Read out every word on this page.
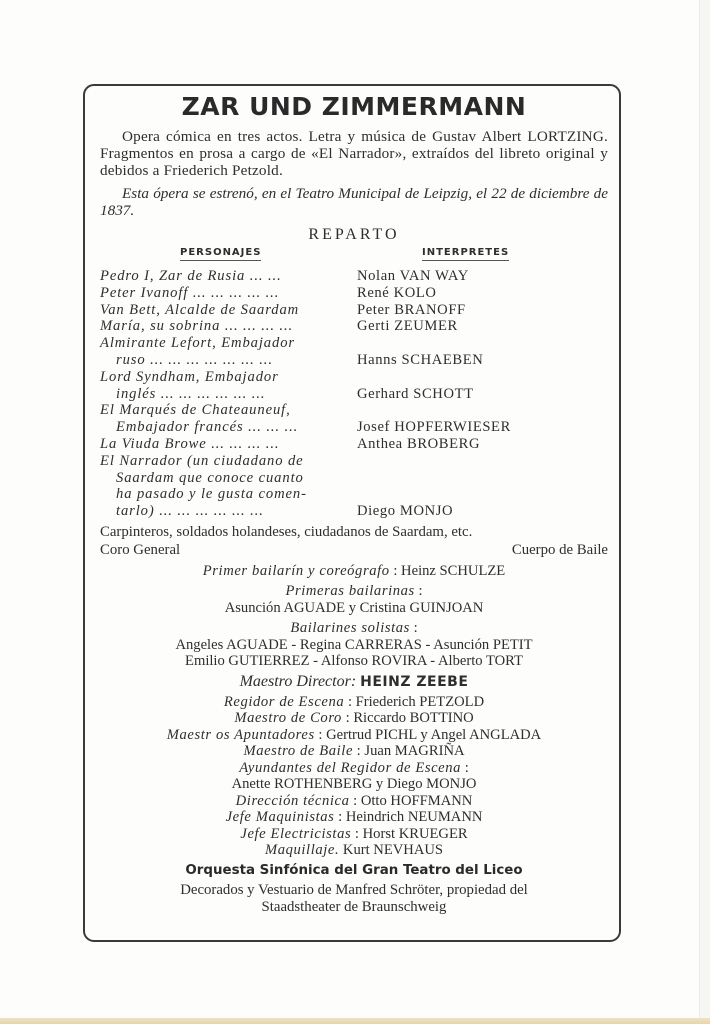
ZAR UND ZIMMERMANN

Opera cómica en tres actos. Letra y música de Gustav Albert LORTZING. Fragmentos en prosa a cargo de «El Narrador», extraídos del libreto original y debidos a Friederich Petzold.

Esta ópera se estrenó, en el Teatro Municipal de Leipzig, el 22 de diciembre de 1837.

REPARTO
PERSONAJES	INTERPRETES
Pedro I, Zar de Rusia ... ...	Nolan VAN WAY
Peter Ivanoff ... ... ... ... ...	René KOLO
Van Bett, Alcalde de Saardam	Peter BRANOFF
María, su sobrina ... ... ... ...	Gerti ZEUMER
Almirante Lefort, Embajador
ruso ... ... ... ... ... ... ...	Hanns SCHAEBEN
Lord Syndham, Embajador
inglés ... ... ... ... ... ...	Gerhard SCHOTT
El Marqués de Chateauneuf,
Embajador francés ... ... ...	Josef HOPFERWIESER
La Viuda Browe ... ... ... ...	Anthea BROBERG
El Narrador (un ciudadano de
Saardam que conoce cuanto
ha pasado y le gusta comen-
tarlo) ... ... ... ... ... ...	Diego MONJO
Carpinteros, soldados holandeses, ciudadanos de Saardam, etc.
Coro General	Cuerpo de Baile
Primer bailarín y coreógrafo : Heinz SCHULZE
Primeras bailarinas :
Asunción AGUADE y Cristina GUINJOAN
Bailarines solistas :
Angeles AGUADE - Regina CARRERAS - Asunción PETIT
Emilio GUTIERREZ - Alfonso ROVIRA - Alberto TORT
Maestro Director: HEINZ ZEEBE
Regidor de Escena : Friederich PETZOLD
Maestro de Coro : Riccardo BOTTINO
Maestr os Apuntadores : Gertrud PICHL y Angel ANGLADA
Maestro de Baile : Juan MAGRIÑA
Ayundantes del Regidor de Escena :
Anette ROTHENBERG y Diego MONJO
Dirección técnica : Otto HOFFMANN
Jefe Maquinistas : Heindrich NEUMANN
Jefe Electricistas : Horst KRUEGER
Maquillaje. Kurt NEVHAUS
Orquesta Sinfónica del Gran Teatro del Liceo
Decorados y Vestuario de Manfred Schröter, propiedad del
Staadstheater de Braunschweig
